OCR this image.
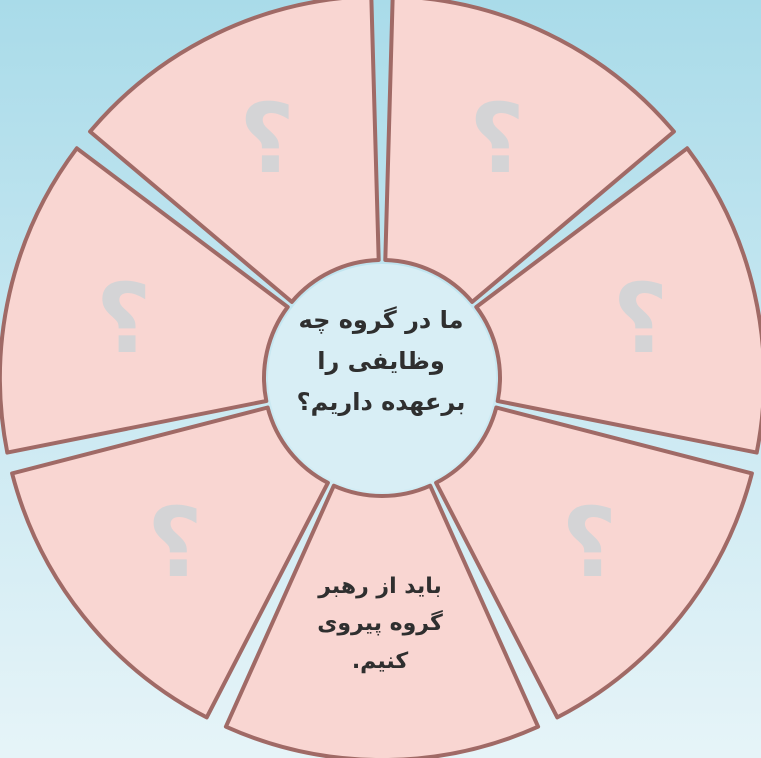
؟
؟
؟
؟
؟
؟
ما در گروه چه
وظایفی را
برعهده داریم؟
باید از رهبر
گروه پیروی
کنیم.
